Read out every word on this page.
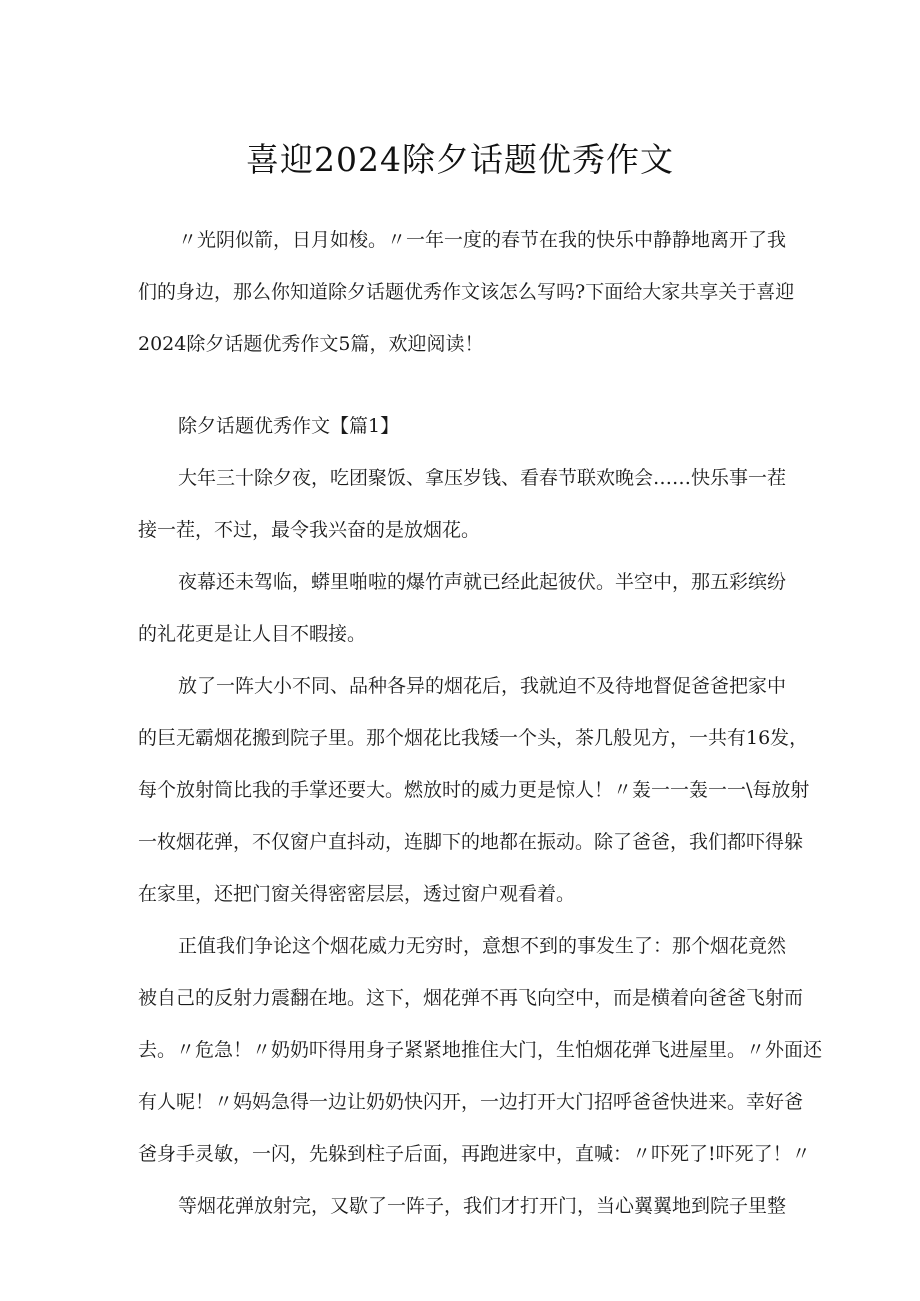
喜迎2024除夕话题优秀作文
〃光阴似箭，日月如梭。〃一年一度的春节在我的快乐中静静地离开了我
们的身边，那么你知道除夕话题优秀作文该怎么写吗?下面给大家共享关于喜迎
2024除夕话题优秀作文5篇，欢迎阅读！
除夕话题优秀作文【篇1】
大年三十除夕夜，吃团聚饭、拿压岁钱、看春节联欢晚会……快乐事一茬
接一茬，不过，最令我兴奋的是放烟花。
夜幕还未驾临，蟒里啪啦的爆竹声就已经此起彼伏。半空中，那五彩缤纷
的礼花更是让人目不暇接。
放了一阵大小不同、品种各异的烟花后，我就迫不及待地督促爸爸把家中
的巨无霸烟花搬到院子里。那个烟花比我矮一个头，茶几般见方，一共有16发，
每个放射筒比我的手掌还要大。燃放时的威力更是惊人！〃轰一一轰一一\每放射
一枚烟花弹，不仅窗户直抖动，连脚下的地都在振动。除了爸爸，我们都吓得躲
在家里，还把门窗关得密密层层，透过窗户观看着。
正值我们争论这个烟花威力无穷时，意想不到的事发生了：那个烟花竟然
被自己的反射力震翻在地。这下，烟花弹不再飞向空中，而是横着向爸爸飞射而
去。〃危急！〃奶奶吓得用身子紧紧地推住大门，生怕烟花弹飞进屋里。〃外面还
有人呢！〃妈妈急得一边让奶奶快闪开，一边打开大门招呼爸爸快进来。幸好爸
爸身手灵敏，一闪，先躲到柱子后面，再跑进家中，直喊：〃吓死了!吓死了！〃
等烟花弹放射完，又歇了一阵子，我们才打开门，当心翼翼地到院子里整
